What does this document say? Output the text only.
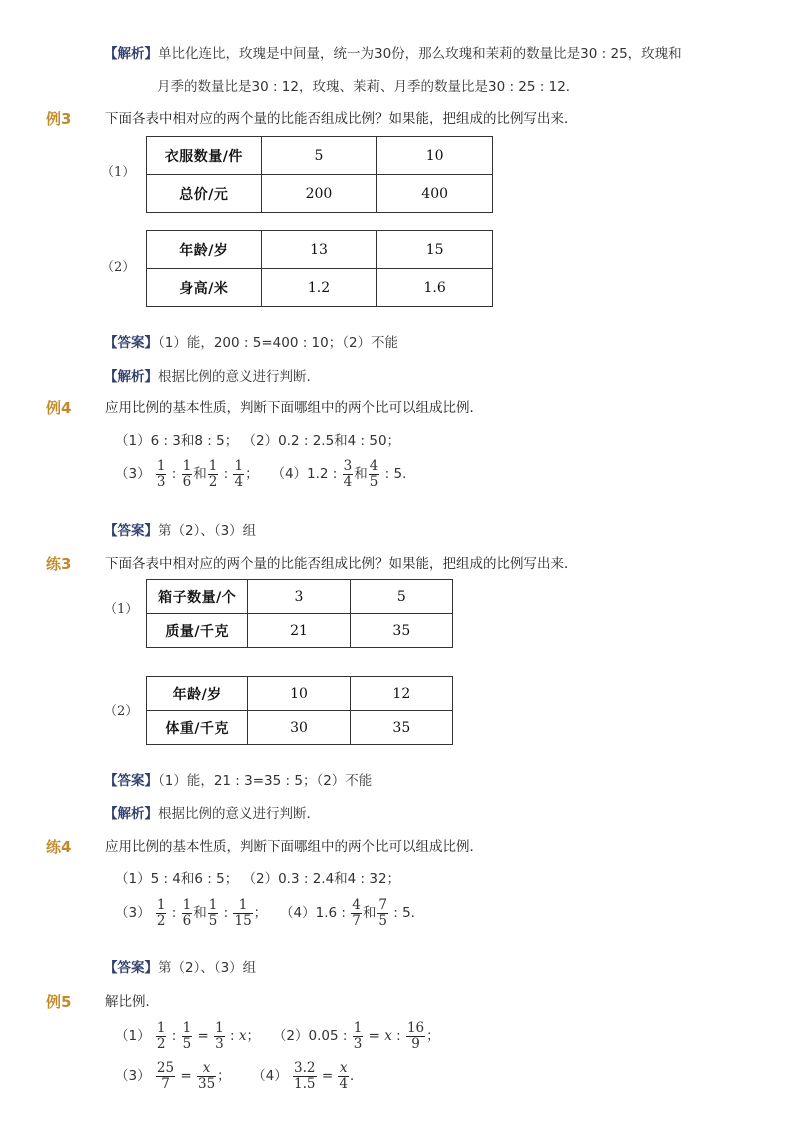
【解析】单比化连比，玫瑰是中间量，统一为30份，那么玫瑰和茉莉的数量比是30 : 25，玫瑰和
月季的数量比是30 : 12，玫瑰、茉莉、月季的数量比是30 : 25 : 12．
例3 下面各表中相对应的两个量的比能否组成比例？如果能，把组成的比例写出来．
（1）
衣服数量/件	5	10
总价/元	200	400
（2）
年龄/岁	13	15
身高/米	1.2	1.6
【答案】（1）能，200 : 5=400 : 10；（2）不能
【解析】根据比例的意义进行判断．
例4 应用比例的基本性质，判断下面哪组中的两个比可以组成比例．
（1）6 : 3和8 : 5； （2）0.2 : 2.5和4 : 50；
$(3) \frac{1}{3}$ : $\frac{1}{6}$ 和 $\frac{1}{2}$ : $\frac{1}{4}$ ； （4）1.2 : $\frac{3}{4}$ 和 $\frac{4}{5}$ : 5．
【答案】第（2）、（3）组
练3 下面各表中相对应的两个量的比能否组成比例？如果能，把组成的比例写出来．
（1）
箱子数量/个	3	5
质量/千克	21	35
（2）
年龄/岁	10	12
体重/千克	30	35
【答案】（1）能，21 : 3=35 : 5；（2）不能
【解析】根据比例的意义进行判断．
练4 应用比例的基本性质，判断下面哪组中的两个比可以组成比例．
（1）5 : 4和6 : 5； （2）0.3 : 2.4和4 : 32；
$(3) \frac{1}{2}$ : $\frac{1}{6}$ 和 $\frac{1}{5}$ : $\frac{1}{15}$ ； （4）1.6 : $\frac{4}{7}$ 和 $\frac{7}{5}$ : 5．
【答案】第（2）、（3）组
例5 解比例．
$(1) \frac{1}{2}$ : $\frac{1}{5} = \frac{1}{3}$ : x； （2）0.05 : $\frac{1}{3} = x$ : $\frac{16}{9}$ ；
$(3) \frac{25}{7} = \frac{x}{35}$ ； $(4) \frac{3.2}{1.5} = \frac{x}{4}$ ．
